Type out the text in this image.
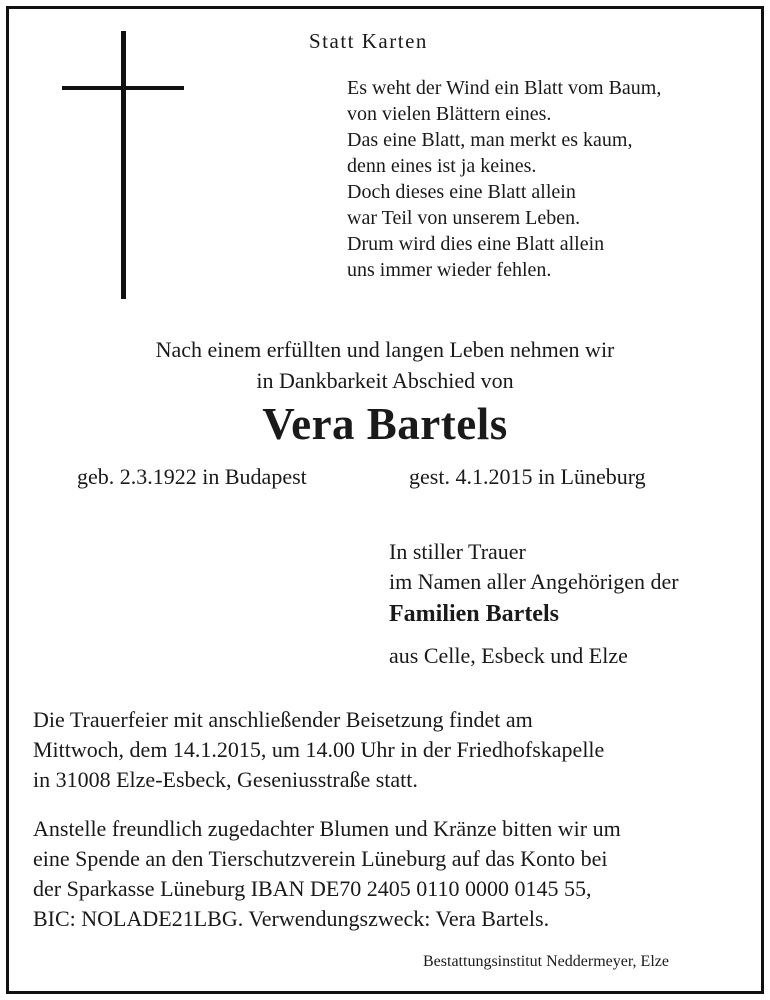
Statt Karten
Es weht der Wind ein Blatt vom Baum,
von vielen Blättern eines.
Das eine Blatt, man merkt es kaum,
denn eines ist ja keines.
Doch dieses eine Blatt allein
war Teil von unserem Leben.
Drum wird dies eine Blatt allein
uns immer wieder fehlen.
Nach einem erfüllten und langen Leben nehmen wir
in Dankbarkeit Abschied von
Vera Bartels
geb. 2.3.1922 in Budapest	gest. 4.1.2015 in Lüneburg
In stiller Trauer
im Namen aller Angehörigen der
Familien Bartels
aus Celle, Esbeck und Elze
Die Trauerfeier mit anschließender Beisetzung findet am
Mittwoch, dem 14.1.2015, um 14.00 Uhr in der Friedhofskapelle
in 31008 Elze-Esbeck, Geseniusstraße statt.
Anstelle freundlich zugedachter Blumen und Kränze bitten wir um
eine Spende an den Tierschutzverein Lüneburg auf das Konto bei
der Sparkasse Lüneburg IBAN DE70 2405 0110 0000 0145 55,
BIC: NOLADE21LBG. Verwendungszweck: Vera Bartels.
Bestattungsinstitut Neddermeyer, Elze
